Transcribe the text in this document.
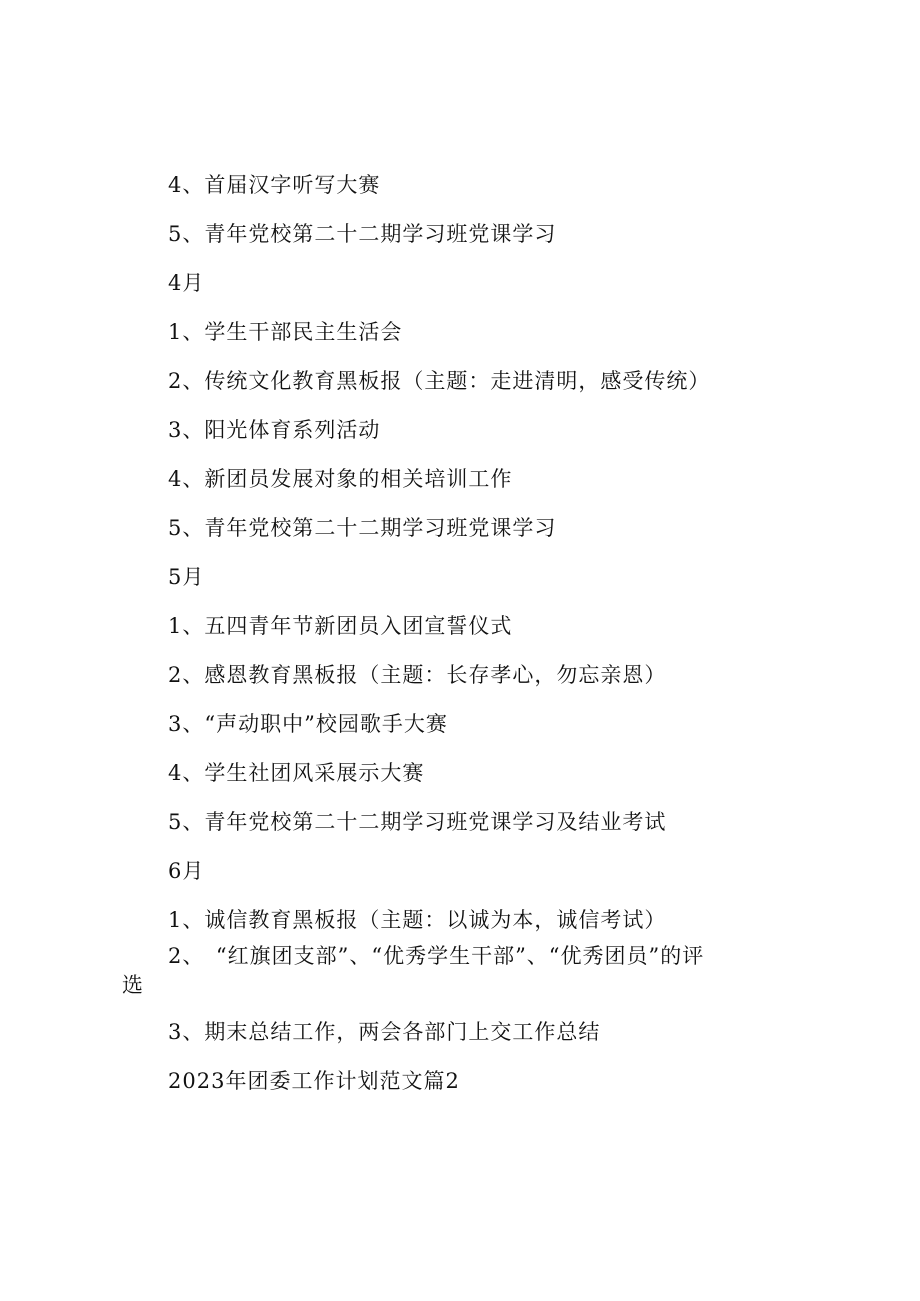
4、首届汉字听写大赛
5、青年党校第二十二期学习班党课学习
4月
1、学生干部民主生活会
2、传统文化教育黑板报（主题：走进清明，感受传统）
3、阳光体育系列活动
4、新团员发展对象的相关培训工作
5、青年党校第二十二期学习班党课学习
5月
1、五四青年节新团员入团宣誓仪式
2、感恩教育黑板报（主题：长存孝心，勿忘亲恩）
3、“声动职中”校园歌手大赛
4、学生社团风采展示大赛
5、青年党校第二十二期学习班党课学习及结业考试
6月
1、诚信教育黑板报（主题：以诚为本，诚信考试）
2、　“红旗团支部”、“优秀学生干部”、“优秀团员”的评
选
3、期末总结工作，两会各部门上交工作总结
2023年团委工作计划范文篇2
